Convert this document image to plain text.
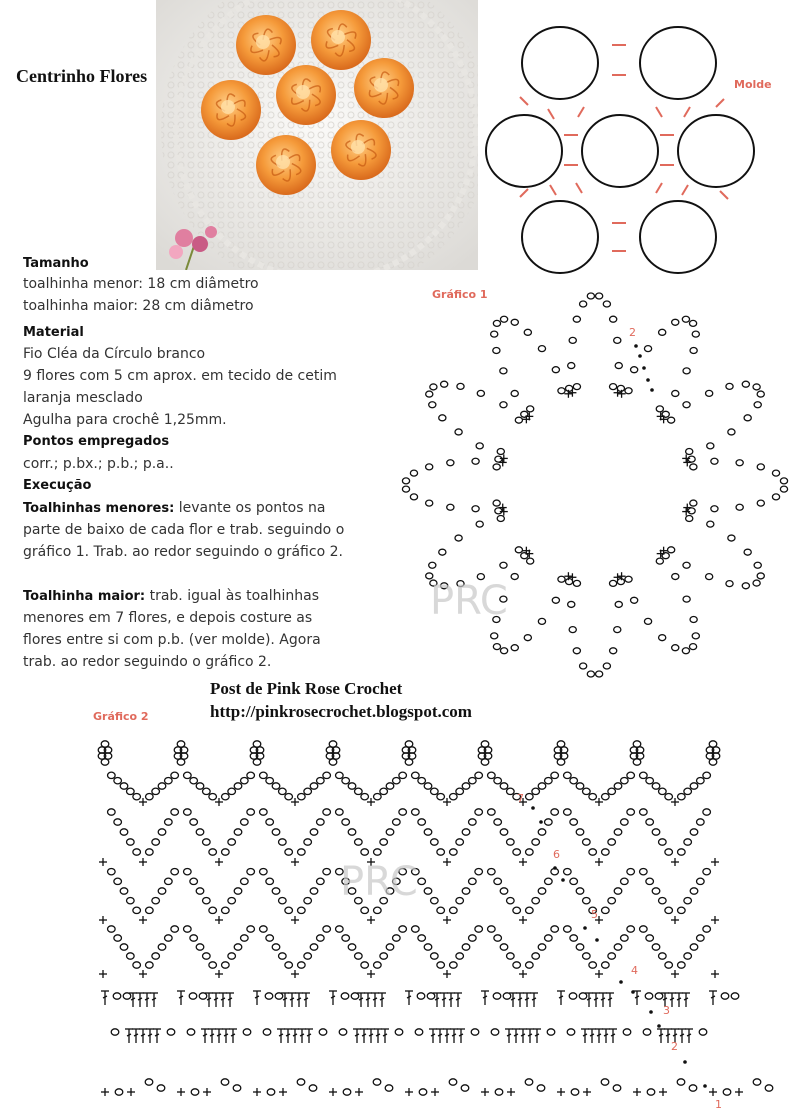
Centrinho Flores	Molde
Tamanho
toalhinha menor: 18 cm diâmetro
toalhinha maior: 28 cm diâmetro
Material
Fio Cléa da Círculo branco
9 flores com 5 cm aprox. em tecido de cetim
laranja mesclado
Agulha para crochê 1,25mm.
Pontos empregados
corr.; p.bx.; p.b.; p.a..
Execução
Toalhinhas menores: levante os pontos na
parte de baixo de cada flor e trab. seguindo o
gráfico 1. Trab. ao redor seguindo o gráfico 2.
Toalhinha maior: trab. igual às toalhinhas
menores em 7 flores, e depois costure as
flores entre si com p.b. (ver molde). Agora
trab. ao redor seguindo o gráfico 2.
Post de Pink Rose Crochet
http://pinkrosecrochet.blogspot.com
Gráfico 1
2
PRC
Gráfico 2
7
6
5
4
3
2
1
PRC
